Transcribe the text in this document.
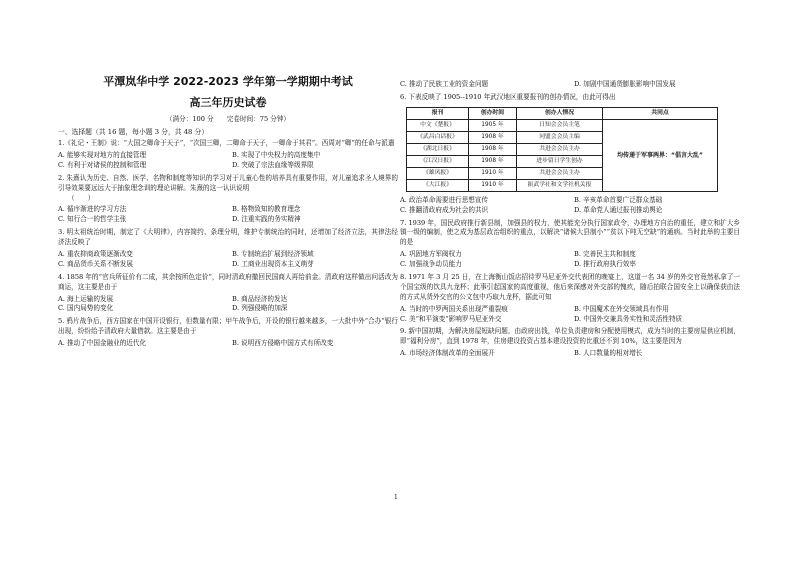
平潭岚华中学 2022-2023 学年第一学期期中考试
高三年历史试卷
（满分：100 分　　完卷时间：75 分钟）
一、选择题（共 16 题，每小题 3 分，共 48 分）
1.《礼记・王制》说：“大国之卿命于天子”，“次国三卿，二卿命于天子，一卿命于其君”。西周对“卿”的任命与派遣
A. 能够实现对地方的直接管理	B. 实现了中央权力的高度集中
C. 有利于对诸侯的控制和管理	D. 突破了宗法血缘等级界限
2. 朱熹认为历史、自然、医学、名物和制度等知识的学习对于儿童心性的培养具有重要作用，对儿童追求圣人境界的引导效果要远远大于抽象理念训的理论讲解。朱熹的这一认识说明
（　　）
A. 循序渐进的学习方法	B. 格物致知的教育理念
C. 知行合一的哲学主张	D. 注重实践的务实精神
3. 明太祖统治时期，制定了《大明律》，内容简约、条理分明，维护专制统治的同时，还增加了经济立法，其律法经济法反映了
A. 重农抑商政策逐渐改变	B. 专制统治扩展到经济领域
C. 商品货币关系不断发展	D. 工商业出现资本主义萌芽
4. 1858 年的“官兵所征价有二成，其余按所色定价”，同时清政府撤回民国商人再给前金。清政府这样做出问活改为商运，这主要是由于
A. 海上运输的发展	B. 商品经济的发达
C. 国内局势的变化	D. 列强侵略的加深
5. 鸦片战争后，西方国家在中国开设银行，但数量有限；甲午战争后，开设的银行越来越多，一大批中外“合办”银行出现，纷纷给予清政府大量借款。这主要是由于
A. 推动了中国金融业的近代化	B. 说明西方侵略中国方式有所改变
C. 推动了民族工业的资金问题	D. 加剧中国通货膨胀影响中国发展
6. 下表反映了 1905--1910 年武汉地区重要报刊的创办情况，由此可得出
报刊	创办时间	创办人情况	共同点
中文《楚报》	1905 年	日知会会员主笔	均传递于军事两界：“倡言大乱”
《武昌白话报》	1908 年	同盟会会员主编	
《湖北日报》	1908 年	共进会会员主办	
《江汉日报》	1908 年	进步留日学生创办	
《雄风报》	1910 年	共进会会员主办	
《大江报》	1910 年	振武学社和文学社机关报	
A. 政治革命需要进行思想宣传	B. 辛亥革命首要广泛群众基础
C. 推翻清政府成为社会的共识	D. 革命党人通过报刊推动舆论
7. 1939 年，国民政府推行新县制，加强县的权力，使其能充分执行国家政令，办理地方自治的重任，建立和扩大乡镇一级的编制，使之成为基层政治组织的重点，以解决“诸候大县制小”“贫以下吨无空缺”的通病。当时此举的主要目的是
A. 巩固地方军阀权力	B. 完善民主共和制度
C. 加强战争动员能力	D. 推行政府执行效率
8. 1971 年 3 月 25 日，在上海衡山饭店招待罗马尼亚外交代表团的晚宴上，这道一名 34 岁的外交官竟然私拿了一个国宝级的饮具九龙杯；此事引起国家的高度重视，他后来深感对外交部的愧疚，随后拍联合国安全上以确保获由法的方式从货外交官的公文包中巧取九龙杯，据此可知
A. 当时的中罗两国关系出现严重裂痕	B. 中国魔术在外交领域具有作用
C. 美“和平演变”影响罗马尼亚外交	D. 中国外交兼具务实性和灵活性特质
9. 新中国初期，为解决房屋短缺问题，由政府出钱，单位负责建房和分配使用模式，成为当时的主要房屋供应机制，即“福利分房”，直到 1978 年，住房建设投资占基本建设投资的比重还不到 10%，这主要是因为
A. 市场经济体制改革的全面展开	B. 人口数量的相对增长
1
